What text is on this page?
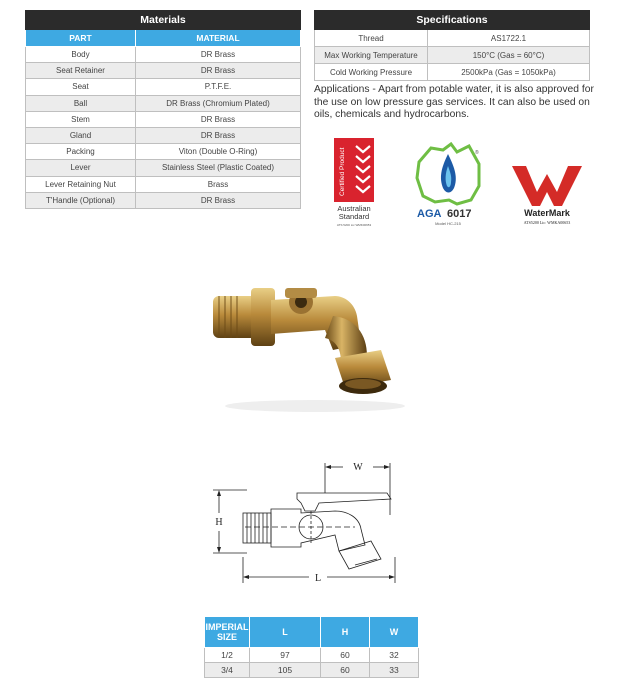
Materials	
PART	MATERIAL
Body	DR Brass
Seat Retainer	DR Brass
Seat	P.T.F.E.
Ball	DR Brass (Chromium Plated)
Stem	DR Brass
Gland	DR Brass
Packing	Viton (Double O-Ring)
Lever	Stainless Steel (Plastic Coated)
Lever Retaining Nut	Brass
T'Handle (Optional)	DR Brass
Specifications	
Thread	AS1722.1
Max Working Temperature	150°C (Gas = 60°C)
Cold Working Pressure	2500kPa (Gas = 1050kPa)
Applications - Apart from potable water, it is also approved for the use on low pressure gas services. It can also be used on oils, chemicals and hydrocarbons.
Certified Product
Australian
Standard
ATS 5200 Lic WMK00653
®
AGA 6017
Model HC-215
WaterMark
ATS5200 Lic: WMKA00653
W
H
L
IMPERIAL SIZE	L	H	W
1/2	97	60	32
3/4	105	60	33
